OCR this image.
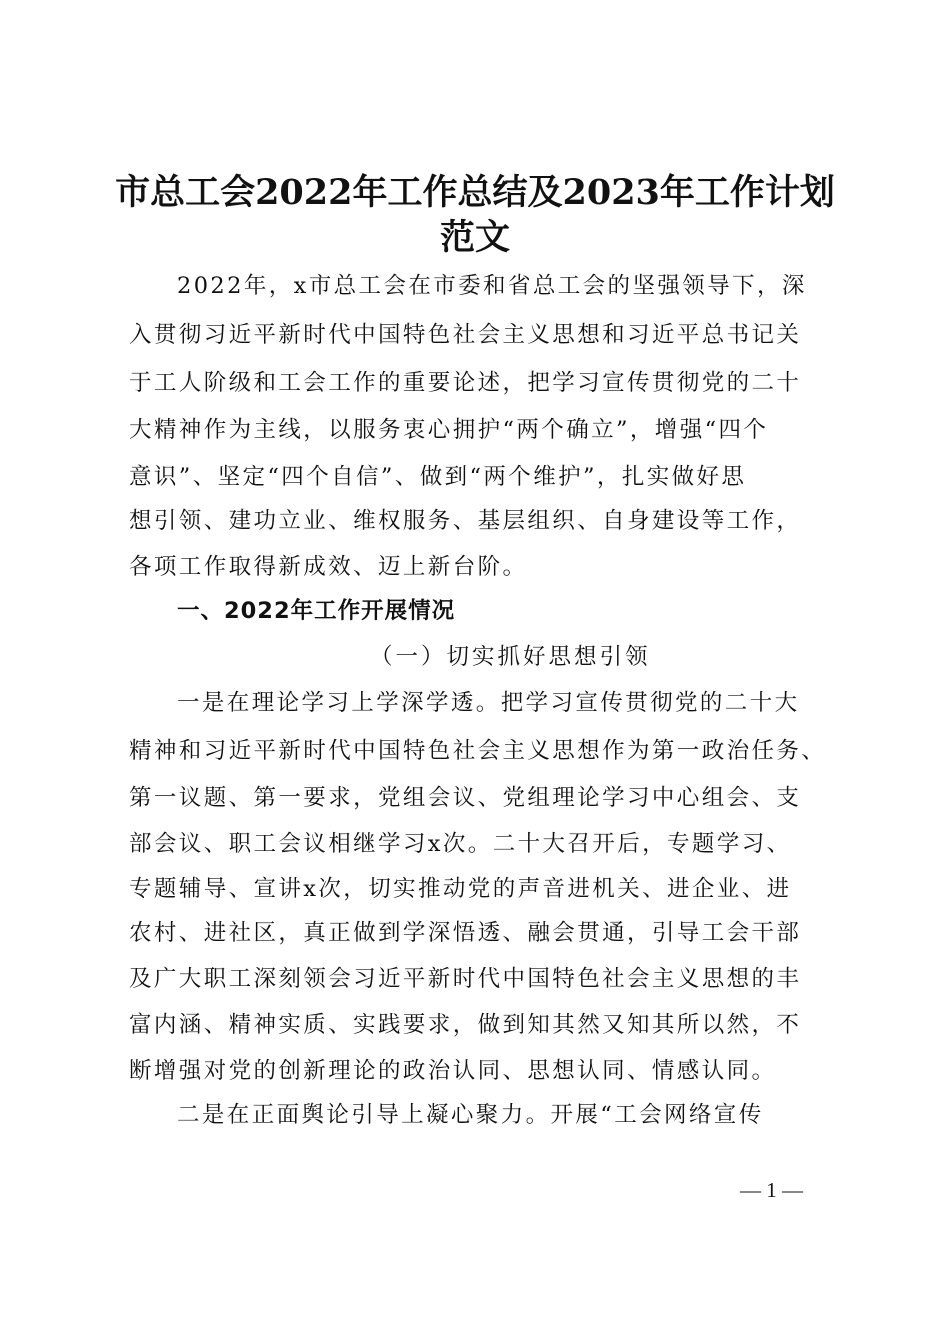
市总工会2022年工作总结及2023年工作计划
范文
2022年，x市总工会在市委和省总工会的坚强领导下，深
入贯彻习近平新时代中国特色社会主义思想和习近平总书记关
于工人阶级和工会工作的重要论述，把学习宣传贯彻党的二十
大精神作为主线，以服务衷心拥护“两个确立”，增强“四个
意识”、坚定“四个自信”、做到“两个维护”，扎实做好思
想引领、建功立业、维权服务、基层组织、自身建设等工作，
各项工作取得新成效、迈上新台阶。
一、2022年工作开展情况
（一）切实抓好思想引领
一是在理论学习上学深学透。把学习宣传贯彻党的二十大
精神和习近平新时代中国特色社会主义思想作为第一政治任务、
第一议题、第一要求，党组会议、党组理论学习中心组会、支
部会议、职工会议相继学习x次。二十大召开后，专题学习、
专题辅导、宣讲x次，切实推动党的声音进机关、进企业、进
农村、进社区，真正做到学深悟透、融会贯通，引导工会干部
及广大职工深刻领会习近平新时代中国特色社会主义思想的丰
富内涵、精神实质、实践要求，做到知其然又知其所以然，不
断增强对党的创新理论的政治认同、思想认同、情感认同。
二是在正面舆论引导上凝心聚力。开展“工会网络宣传
— 1 —
